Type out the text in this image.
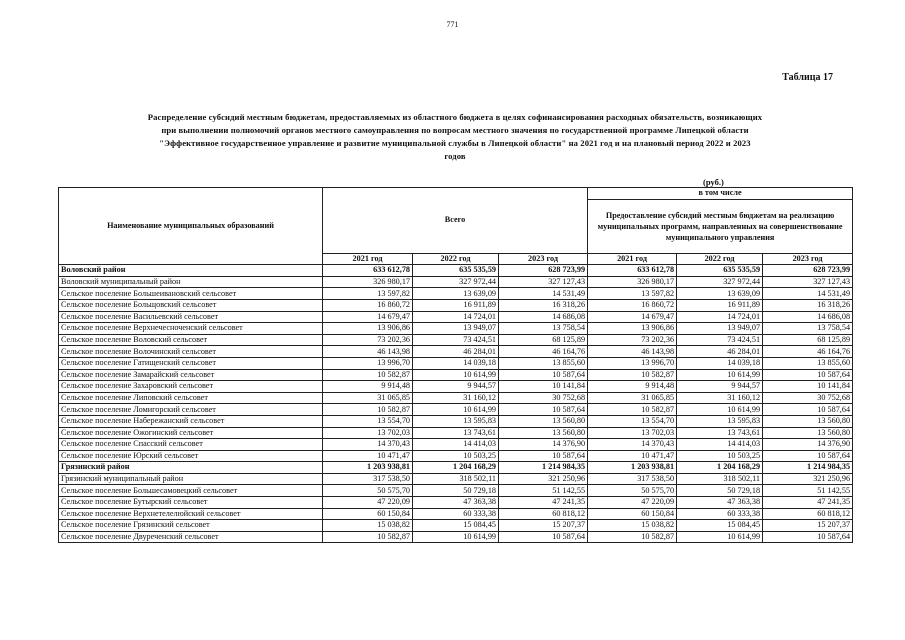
771
Таблица 17
Распределение субсидий местным бюджетам, предоставляемых из областного бюджета в целях софинансирования расходных обязательств, возникающих
при выполнении полномочий органов местного самоуправления по вопросам местного значения по государственной программе Липецкой области
"Эффективное государственное управление и развитие муниципальной службы в Липецкой области" на 2021 год и на плановый период 2022 и 2023
годов
(руб.)
Наименование муниципальных образований	Всего			в том числе		
				Предоставление субсидий местным бюджетам на реализацию муниципальных программ, направленных на совершенствование муниципального управления		
	2021 год	2022 год	2023 год	2021 год	2022 год	2023 год
Воловский район	633 612,78	635 535,59	628 723,99	633 612,78	635 535,59	628 723,99
Воловский муниципальный район	326 980,17	327 972,44	327 127,43	326 980,17	327 972,44	327 127,43
Сельское поселение Большеивановский сельсовет	13 597,82	13 639,09	14 531,49	13 597,82	13 639,09	14 531,49
Сельское поселение Больщовский сельсовет	16 860,72	16 911,89	16 318,26	16 860,72	16 911,89	16 318,26
Сельское поселение Васильевский сельсовет	14 679,47	14 724,01	14 686,08	14 679,47	14 724,01	14 686,08
Сельское поселение Верхнечесноченский сельсовет	13 906,86	13 949,07	13 758,54	13 906,86	13 949,07	13 758,54
Сельское поселение Воловский сельсовет	73 202,36	73 424,51	68 125,89	73 202,36	73 424,51	68 125,89
Сельское поселение Волочинский сельсовет	46 143,98	46 284,01	46 164,76	46 143,98	46 284,01	46 164,76
Сельское поселение Гатищенский сельсовет	13 996,70	14 039,18	13 855,60	13 996,70	14 039,18	13 855,60
Сельское поселение Замарайский сельсовет	10 582,87	10 614,99	10 587,64	10 582,87	10 614,99	10 587,64
Сельское поселение Захаровский сельсовет	9 914,48	9 944,57	10 141,84	9 914,48	9 944,57	10 141,84
Сельское поселение Липовский сельсовет	31 065,85	31 160,12	30 752,68	31 065,85	31 160,12	30 752,68
Сельское поселение Ломигорский сельсовет	10 582,87	10 614,99	10 587,64	10 582,87	10 614,99	10 587,64
Сельское поселение Набережанский сельсовет	13 554,70	13 595,83	13 560,80	13 554,70	13 595,83	13 560,80
Сельское поселение Ожогинский сельсовет	13 702,03	13 743,61	13 560,80	13 702,03	13 743,61	13 560,80
Сельское поселение Спасский сельсовет	14 370,43	14 414,03	14 376,90	14 370,43	14 414,03	14 376,90
Сельское поселение Юрский сельсовет	10 471,47	10 503,25	10 587,64	10 471,47	10 503,25	10 587,64
Грязинский район	1 203 938,81	1 204 168,29	1 214 984,35	1 203 938,81	1 204 168,29	1 214 984,35
Грязинский муниципальный район	317 538,50	318 502,11	321 250,96	317 538,50	318 502,11	321 250,96
Сельское поселение Большесамовецкий сельсовет	50 575,70	50 729,18	51 142,55	50 575,70	50 729,18	51 142,55
Сельское поселение Бутырский сельсовет	47 220,09	47 363,38	47 241,35	47 220,09	47 363,38	47 241,35
Сельское поселение Верхнетелелюйский сельсовет	60 150,84	60 333,38	60 818,12	60 150,84	60 333,38	60 818,12
Сельское поселение Грязинский сельсовет	15 038,82	15 084,45	15 207,37	15 038,82	15 084,45	15 207,37
Сельское поселение Двуреченский сельсовет	10 582,87	10 614,99	10 587,64	10 582,87	10 614,99	10 587,64
